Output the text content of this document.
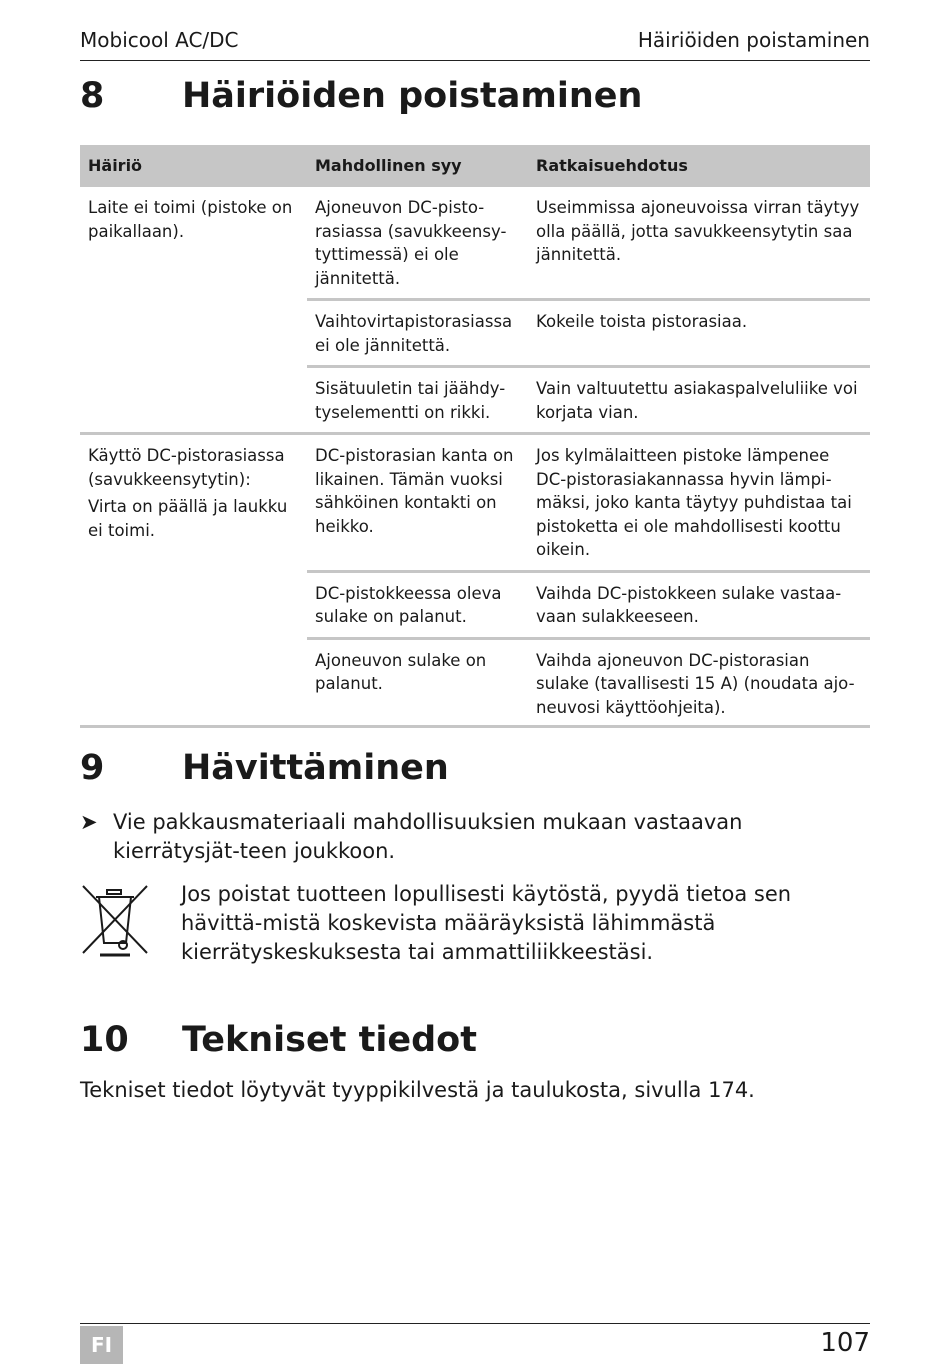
Mobicool AC/DC	Häiriöiden poistaminen
8 Häiriöiden poistaminen
Häiriö	Mahdollinen syy	Ratkaisuehdotus

Laite ei toimi (pistoke on paikallaan).	Ajoneuvon DC-pisto-rasiassa (savukkeensy-tyttimessä) ei ole jännitettä.	Useimmissa ajoneuvoissa virran täytyy olla päällä, jotta savukkeensytytin saa jännitettä.
	Vaihtovirtapistorasiassa ei ole jännitettä.	Kokeile toista pistorasiaa.
	Sisätuuletin tai jäähdy-tyselementti on rikki.	Vain valtuutettu asiakaspalveluliike voi korjata vian.

Käyttö DC-pistorasiassa (savukkeensytytin):
Virta on päällä ja laukku ei toimi.	DC-pistorasian kanta on likainen. Tämän vuoksi sähköinen kontakti on heikko.	Jos kylmälaitteen pistoke lämpenee DC-pistorasiakannassa hyvin lämpi-mäksi, joko kanta täytyy puhdistaa tai pistoketta ei ole mahdollisesti koottu oikein.
	DC-pistokkeessa oleva sulake on palanut.	Vaihda DC-pistokkeen sulake vastaa-vaan sulakkeeseen.
	Ajoneuvon sulake on palanut.	Vaihda ajoneuvon DC-pistorasian sulake (tavallisesti 15 A) (noudata ajo-neuvosi käyttöohjeita).
9 Hävittäminen
➤ Vie pakkausmateriaali mahdollisuuksien mukaan vastaavan kierrätysjät-teen joukkoon.
Jos poistat tuotteen lopullisesti käytöstä, pyydä tietoa sen hävittä-mistä koskevista määräyksistä lähimmästä kierrätyskeskuksesta tai ammattiliikkeestäsi.
10 Tekniset tiedot
Tekniset tiedot löytyvät tyyppikilvestä ja taulukosta, sivulla 174.
FI	107
